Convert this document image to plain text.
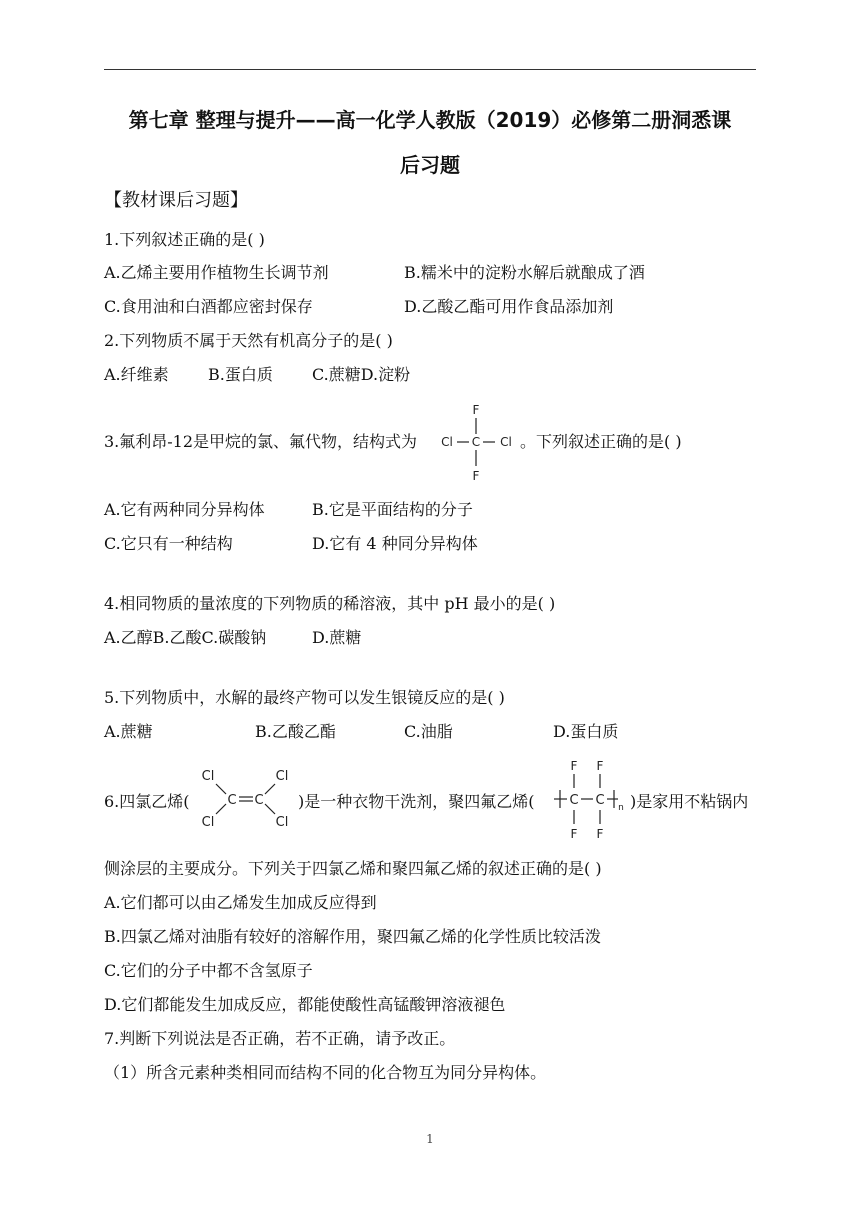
第七章 整理与提升——高一化学人教版（2019）必修第二册洞悉课
后习题
【教材课后习题】
1.下列叙述正确的是( )
A.乙烯主要用作植物生长调节剂	B.糯米中的淀粉水解后就酿成了酒
C.食用油和白酒都应密封保存	D.乙酸乙酯可用作食品添加剂
2.下列物质不属于天然有机高分子的是( )
A.纤维素 B.蛋白质 C.蔗糖D.淀粉
3.氟利昂-12是甲烷的氯、氟代物，结构式为
F
Cl C Cl
F
。下列叙述正确的是( )
A.它有两种同分异构体	B.它是平面结构的分子
C.它只有一种结构	D.它有 4 种同分异构体
4.相同物质的量浓度的下列物质的稀溶液，其中 pH 最小的是( )
A.乙醇B.乙酸C.碳酸钠	D.蔗糖
5.下列物质中，水解的最终产物可以发生银镜反应的是( )
A.蔗糖	B.乙酸乙酯	C.油脂	D.蛋白质
6.四氯乙烯(
Cl
Cl
C C
Cl
Cl
)是一种衣物干洗剂，聚四氟乙烯(
F F
C C n
F F
)是家用不粘锅内
侧涂层的主要成分。下列关于四氯乙烯和聚四氟乙烯的叙述正确的是( )
A.它们都可以由乙烯发生加成反应得到
B.四氯乙烯对油脂有较好的溶解作用，聚四氟乙烯的化学性质比较活泼
C.它们的分子中都不含氢原子
D.它们都能发生加成反应，都能使酸性高锰酸钾溶液褪色
7.判断下列说法是否正确，若不正确，请予改正。
（1）所含元素种类相同而结构不同的化合物互为同分异构体。
1
